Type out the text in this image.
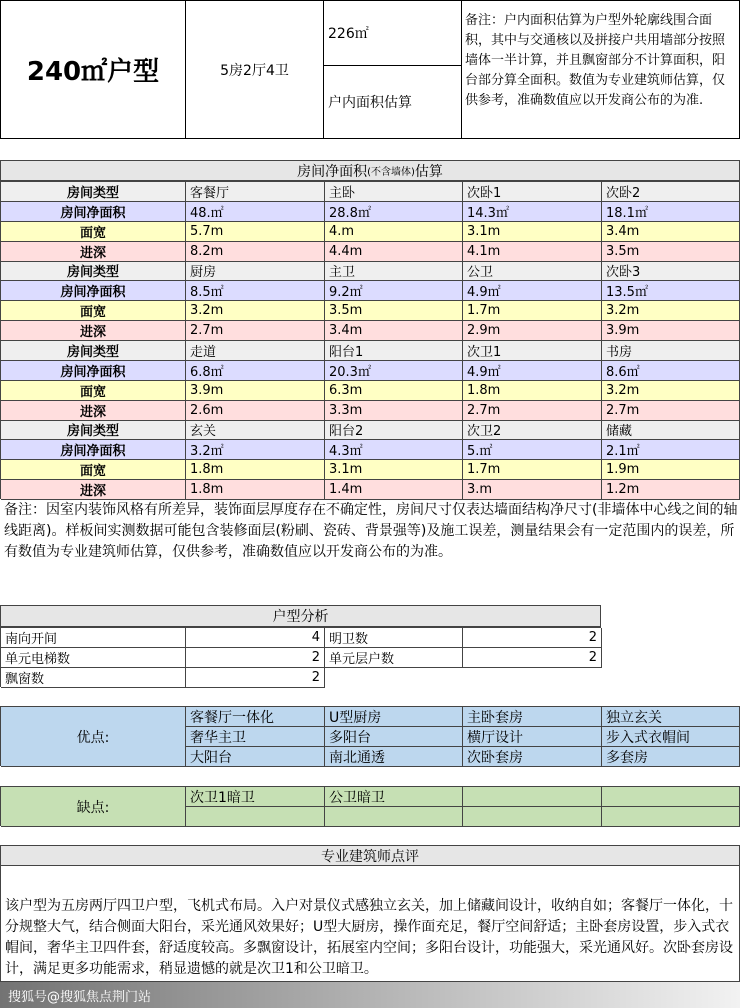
240㎡户型	5房2厅4卫
226㎡
户内面积估算
备注：户内面积估算为户型外轮廓线围合面积，其中与交通核以及拼接户共用墙部分按照墙体一半计算，并且飘窗部分不计算面积，阳台部分算全面积。数值为专业建筑师估算，仅供参考，准确数值应以开发商公布的为准.
房间净面积 (不含墙体) 估算
房间类型	客餐厅	主卧	次卧1	次卧2
房间净面积	48.㎡	28.8㎡	14.3㎡	18.1㎡
面宽	5.7m	4.m	3.1m	3.4m
进深	8.2m	4.4m	4.1m	3.5m
房间类型	厨房	主卫	公卫	次卧3
房间净面积	8.5㎡	9.2㎡	4.9㎡	13.5㎡
面宽	3.2m	3.5m	1.7m	3.2m
进深	2.7m	3.4m	2.9m	3.9m
房间类型	走道	阳台1	次卫1	书房
房间净面积	6.8㎡	20.3㎡	4.9㎡	8.6㎡
面宽	3.9m	6.3m	1.8m	3.2m
进深	2.6m	3.3m	2.7m	2.7m
房间类型	玄关	阳台2	次卫2	储藏
房间净面积	3.2㎡	4.3㎡	5.㎡	2.1㎡
面宽	1.8m	3.1m	1.7m	1.9m
进深	1.8m	1.4m	3.m	1.2m
备注：因室内装饰风格有所差异，装饰面层厚度存在不确定性，房间尺寸仅表达墙面结构净尺寸(非墙体中心线之间的轴线距离)。样板间实测数据可能包含装修面层(粉刷、瓷砖、背景强等)及施工误差，测量结果会有一定范围内的误差，所有数值为专业建筑师估算，仅供参考，准确数值应以开发商公布的为准。
户型分析
南向开间	4 明卫数	2
单元电梯数	2 单元层户数	2
飘窗数	2
优点:
客餐厅一体化	U型厨房	主卧套房	独立玄关
奢华主卫	多阳台	横厅设计	步入式衣帽间
大阳台	南北通透	次卧套房	多套房
缺点:
次卫1暗卫	公卫暗卫
专业建筑师点评
该户型为五房两厅四卫户型，飞机式布局。入户对景仪式感独立玄关，加上储藏间设计，收纳自如；客餐厅一体化，十分规整大气，结合侧面大阳台，采光通风效果好；U型大厨房，操作面充足，餐厅空间舒适；主卧套房设置，步入式衣帽间，奢华主卫四件套，舒适度较高。多飘窗设计，拓展室内空间；多阳台设计，功能强大，采光通风好。次卧套房设计，满足更多功能需求，稍显遗憾的就是次卫1和公卫暗卫。
搜狐号@搜狐焦点荆门站
